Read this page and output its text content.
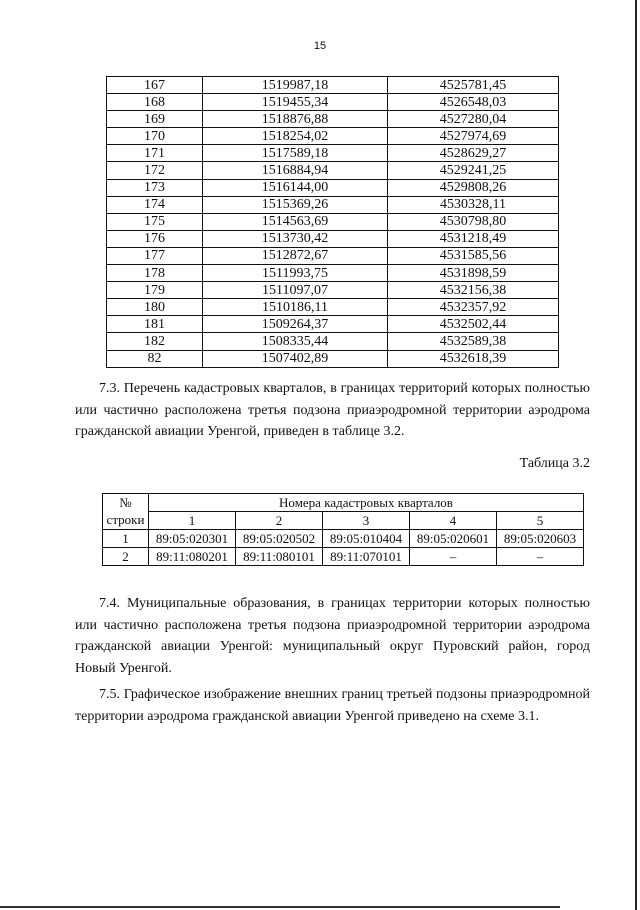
15
167	1519987,18	4525781,45
168	1519455,34	4526548,03
169	1518876,88	4527280,04
170	1518254,02	4527974,69
171	1517589,18	4528629,27
172	1516884,94	4529241,25
173	1516144,00	4529808,26
174	1515369,26	4530328,11
175	1514563,69	4530798,80
176	1513730,42	4531218,49
177	1512872,67	4531585,56
178	1511993,75	4531898,59
179	1511097,07	4532156,38
180	1510186,11	4532357,92
181	1509264,37	4532502,44
182	1508335,44	4532589,38
82	1507402,89	4532618,39

7.3. Перечень кадастровых кварталов, в границах территорий которых полностью или частично расположена третья подзона приаэродромной территории аэродрома гражданской авиации Уренгой, приведен в таблице 3.2.

Таблица 3.2
№	Номера кадастровых кварталов				
строки	1	2	3	4	5
1	89:05:020301	89:05:020502	89:05:010404	89:05:020601	89:05:020603
2	89:11:080201	89:11:080101	89:11:070101	–	–

7.4. Муниципальные образования, в границах территории которых полностью или частично расположена третья подзона приаэродромной территории аэродрома гражданской авиации Уренгой: муниципальный округ Пуровский район, город Новый Уренгой.

7.5. Графическое изображение внешних границ третьей подзоны приаэродромной территории аэродрома гражданской авиации Уренгой приведено на схеме 3.1.
